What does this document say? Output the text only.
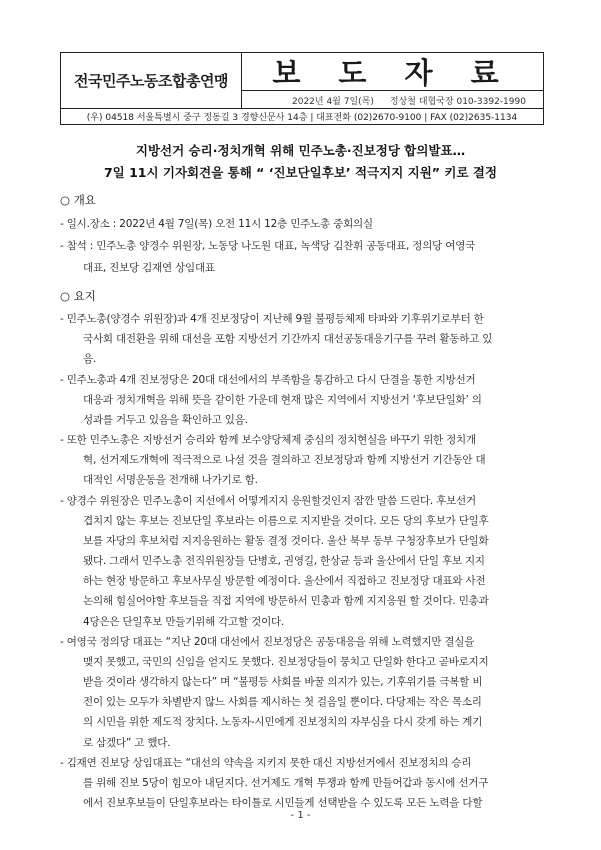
전국민주노동조합총연맹	보 도 자 료
2022년 4월 7일(목) 정상철 대협국장 010-3392-1990
(우) 04518 서울특별시 중구 정동길 3 경향신문사 14층 | 대표전화 (02)2670-9100 | FAX (02)2635-1134
지방선거 승리·정치개혁 위해 민주노총·진보정당 합의발표…
7일 11시 기자회견을 통해 “ ‘진보단일후보’ 적극지지 지원” 키로 결정
○ 개요
- 일시.장소 : 2022년 4월 7일(목) 오전 11시 12층 민주노총 중회의실
- 참석 : 민주노총 양경수 위원장, 노동당 나도원 대표, 녹색당 김찬휘 공동대표, 정의당 여영국
대표, 진보당 김재연 상임대표
○ 요지
- 민주노총(양경수 위원장)과 4개 진보정당이 지난해 9월 불평등체제 타파와 기후위기로부터 한
국사회 대전환을 위해 대선을 포함 지방선거 기간까지 대선공동대응기구를 꾸려 활동하고 있
음.
- 민주노총과 4개 진보정당은 20대 대선에서의 부족함을 통감하고 다시 단결을 통한 지방선거
대응과 정치개혁을 위해 뜻을 같이한 가운데 현재 많은 지역에서 지방선거 ‘후보단일화’ 의
성과를 거두고 있음을 확인하고 있음.
- 또한 민주노총은 지방선거 승리와 함께 보수양당체제 중심의 정치현실을 바꾸기 위한 정치개
혁, 선거제도개혁에 적극적으로 나설 것을 결의하고 진보정당과 함께 지방선거 기간동안 대
대적인 서명운동을 전개해 나가기로 함.
- 양경수 위원장은 민주노총이 지선에서 어떻게지지 응원할것인지 잠깐 말씀 드린다. 후보선거
겹치지 않는 후보는 진보단일 후보라는 이름으로 지지받을 것이다. 모든 당의 후보가 단일후
보를 자당의 후보처럼 지지응원하는 활동 결정 것이다. 울산 북부 동부 구청장후보가 단일화
됐다. 그래서 민주노총 전직위원장들 단병호, 권영길, 한상균 등과 울산에서 단일 후보 지지
하는 현장 방문하고 후보사무실 방문할 예정이다. 울산에서 직접하고 진보정당 대표와 사전
논의해 힘실어야할 후보들을 직접 지역에 방문하서 민총과 함께 지지응원 할 것이다. 민총과
4당은은 단일후보 만들기위해 각고할 것이다.
- 여영국 정의당 대표는 “지난 20대 대선에서 진보정당은 공동대응을 위해 노력했지만 결실을
맺지 못했고, 국민의 신임을 얻지도 못했다. 진보정당들이 뭉치고 단일화 한다고 곧바로지지
받을 것이라 생각하지 않는다” 며 “불평등 사회를 바꿀 의지가 있는, 기후위기를 극복할 비
전이 있는 모두가 차별받지 않느 사회를 제시하는 첫 걸음일 뿐이다. 다당제는 작은 목소리
의 시민을 위한 제도적 장치다. 노동자-시민에게 진보정치의 자부심을 다시 갖게 하는 계기
로 삼겠다” 고 했다.
- 1 -
- 김재연 진보당 상임대표는 “대선의 약속을 지키지 못한 대신 지방선거에서 진보정치의 승리
를 위해 진보 5당이 힘모아 내딛지다. 선거제도 개혁 투쟁과 함께 만들어갑과 동시에 선거구
에서 진보후보들이 단일후보라는 타이틀로 시민들게 선택받을 수 있도록 모든 노력을 다할
